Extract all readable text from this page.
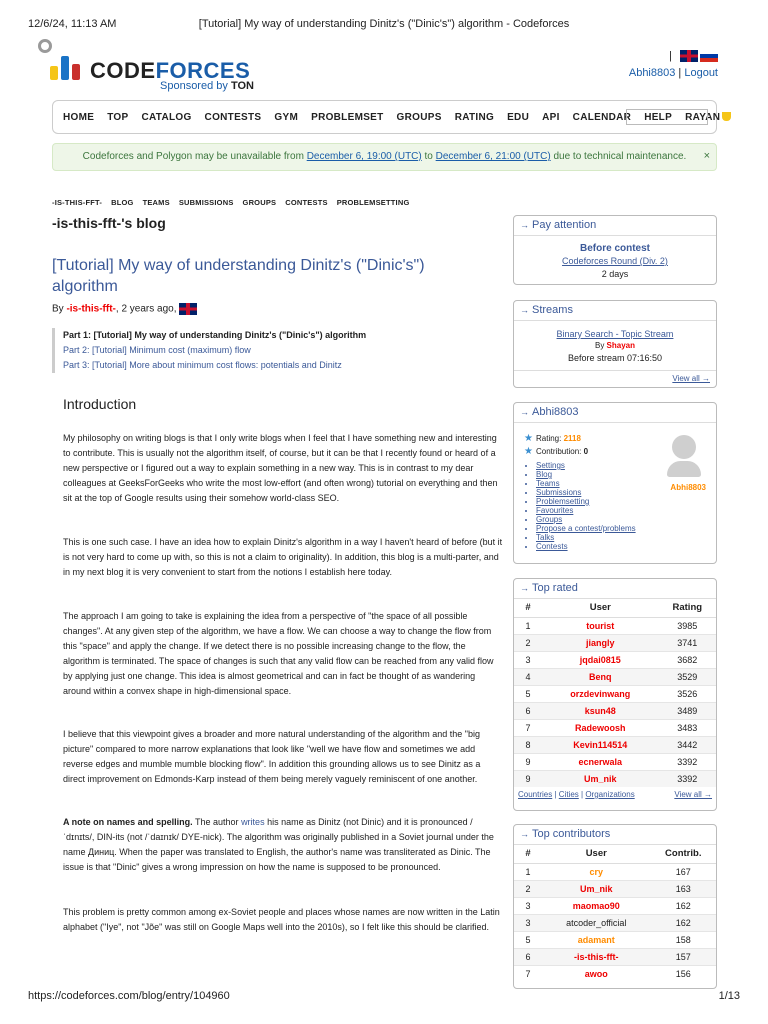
12/6/24, 11:13 AM	[Tutorial] My way of understanding Dinitz's ("Dinic's") algorithm - Codeforces
CODEFORCES
Sponsored by TON
|
Abhi8803 | Logout
HOME TOP CATALOG CONTESTS GYM PROBLEMSET GROUPS RATING EDU API CALENDAR HELP RAYAN
Codeforces and Polygon may be unavailable from December 6, 19:00 (UTC) to December 6, 21:00 (UTC) due to technical maintenance. ×
-IS-THIS-FFT- BLOG TEAMS SUBMISSIONS GROUPS CONTESTS PROBLEMSETTING
-is-this-fft-'s blog
[Tutorial] My way of understanding Dinitz's ("Dinic's") algorithm
By -is-this-fft-, 2 years ago,
Part 1: [Tutorial] My way of understanding Dinitz's ("Dinic's") algorithm
Part 2: [Tutorial] Minimum cost (maximum) flow
Part 3: [Tutorial] More about minimum cost flows: potentials and Dinitz
Introduction
My philosophy on writing blogs is that I only write blogs when I feel that I have something new and interesting to contribute. This is usually not the algorithm itself, of course, but it can be that I recently found or heard of a new perspective or I figured out a way to explain something in a new way. This is in contrast to my dear colleagues at GeeksForGeeks who write the most low-effort (and often wrong) tutorial on everything and then sit at the top of Google results using their somehow world-class SEO.
This is one such case. I have an idea how to explain Dinitz's algorithm in a way I haven't heard of before (but it is not very hard to come up with, so this is not a claim to originality). In addition, this blog is a multi-parter, and in my next blog it is very convenient to start from the notions I establish here today.
The approach I am going to take is explaining the idea from a perspective of "the space of all possible changes". At any given step of the algorithm, we have a flow. We can choose a way to change the flow from this "space" and apply the change. If we detect there is no possible increasing change to the flow, the algorithm is terminated. The space of changes is such that any valid flow can be reached from any valid flow by applying just one change. This idea is almost geometrical and can in fact be thought of as wandering around within a convex shape in high-dimensional space.
I believe that this viewpoint gives a broader and more natural understanding of the algorithm and the "big picture" compared to more narrow explanations that look like "well we have flow and sometimes we add reverse edges and mumble mumble blocking flow". In addition this grounding allows us to see Dinitz as a direct improvement on Edmonds-Karp instead of them being merely vaguely reminiscent of one another.
A note on names and spelling. The author writes his name as Dinitz (not Dinic) and it is pronounced /ˈdɪnɪts/, DIN-its (not /ˈdaɪnɪk/ DYE-nick). The algorithm was originally published in a Soviet journal under the name Диниц. When the paper was translated to English, the author's name was transliterated as Dinic. The issue is that "Dinic" gives a wrong impression on how the name is supposed to be pronounced.
This problem is pretty common among ex-Soviet people and places whose names are now written in the Latin alphabet ("Iye", not "Jõe" was still on Google Maps well into the 2010s), so I felt like this should be clarified.
→ Pay attention
Before contest
Codeforces Round (Div. 2)
2 days
→ Streams
Binary Search - Topic Stream
By Shayan
Before stream 07:16:50
View all →
→ Abhi8803
★ Rating: 2118
★ Contribution: 0
Abhi8803
• Settings
• Blog
• Teams
• Submissions
• Problemsetting
• Favourites
• Groups
• Propose a contest/problems
• Talks
• Contests
→ Top rated
#	User	Rating
1	tourist	3985
2	jiangly	3741
3	jqdai0815	3682
4	Benq	3529
5	orzdevinwang	3526
6	ksun48	3489
7	Radewoosh	3483
8	Kevin114514	3442
9	ecnerwala	3392
9	Um_nik	3392
Countries | Cities | Organizations	View all →
→ Top contributors
#	User	Contrib.
1	cry	167
2	Um_nik	163
3	maomao90	162
3	atcoder_official	162
5	adamant	158
6	-is-this-fft-	157
7	awoo	156
https://codeforces.com/blog/entry/104960	1/13
